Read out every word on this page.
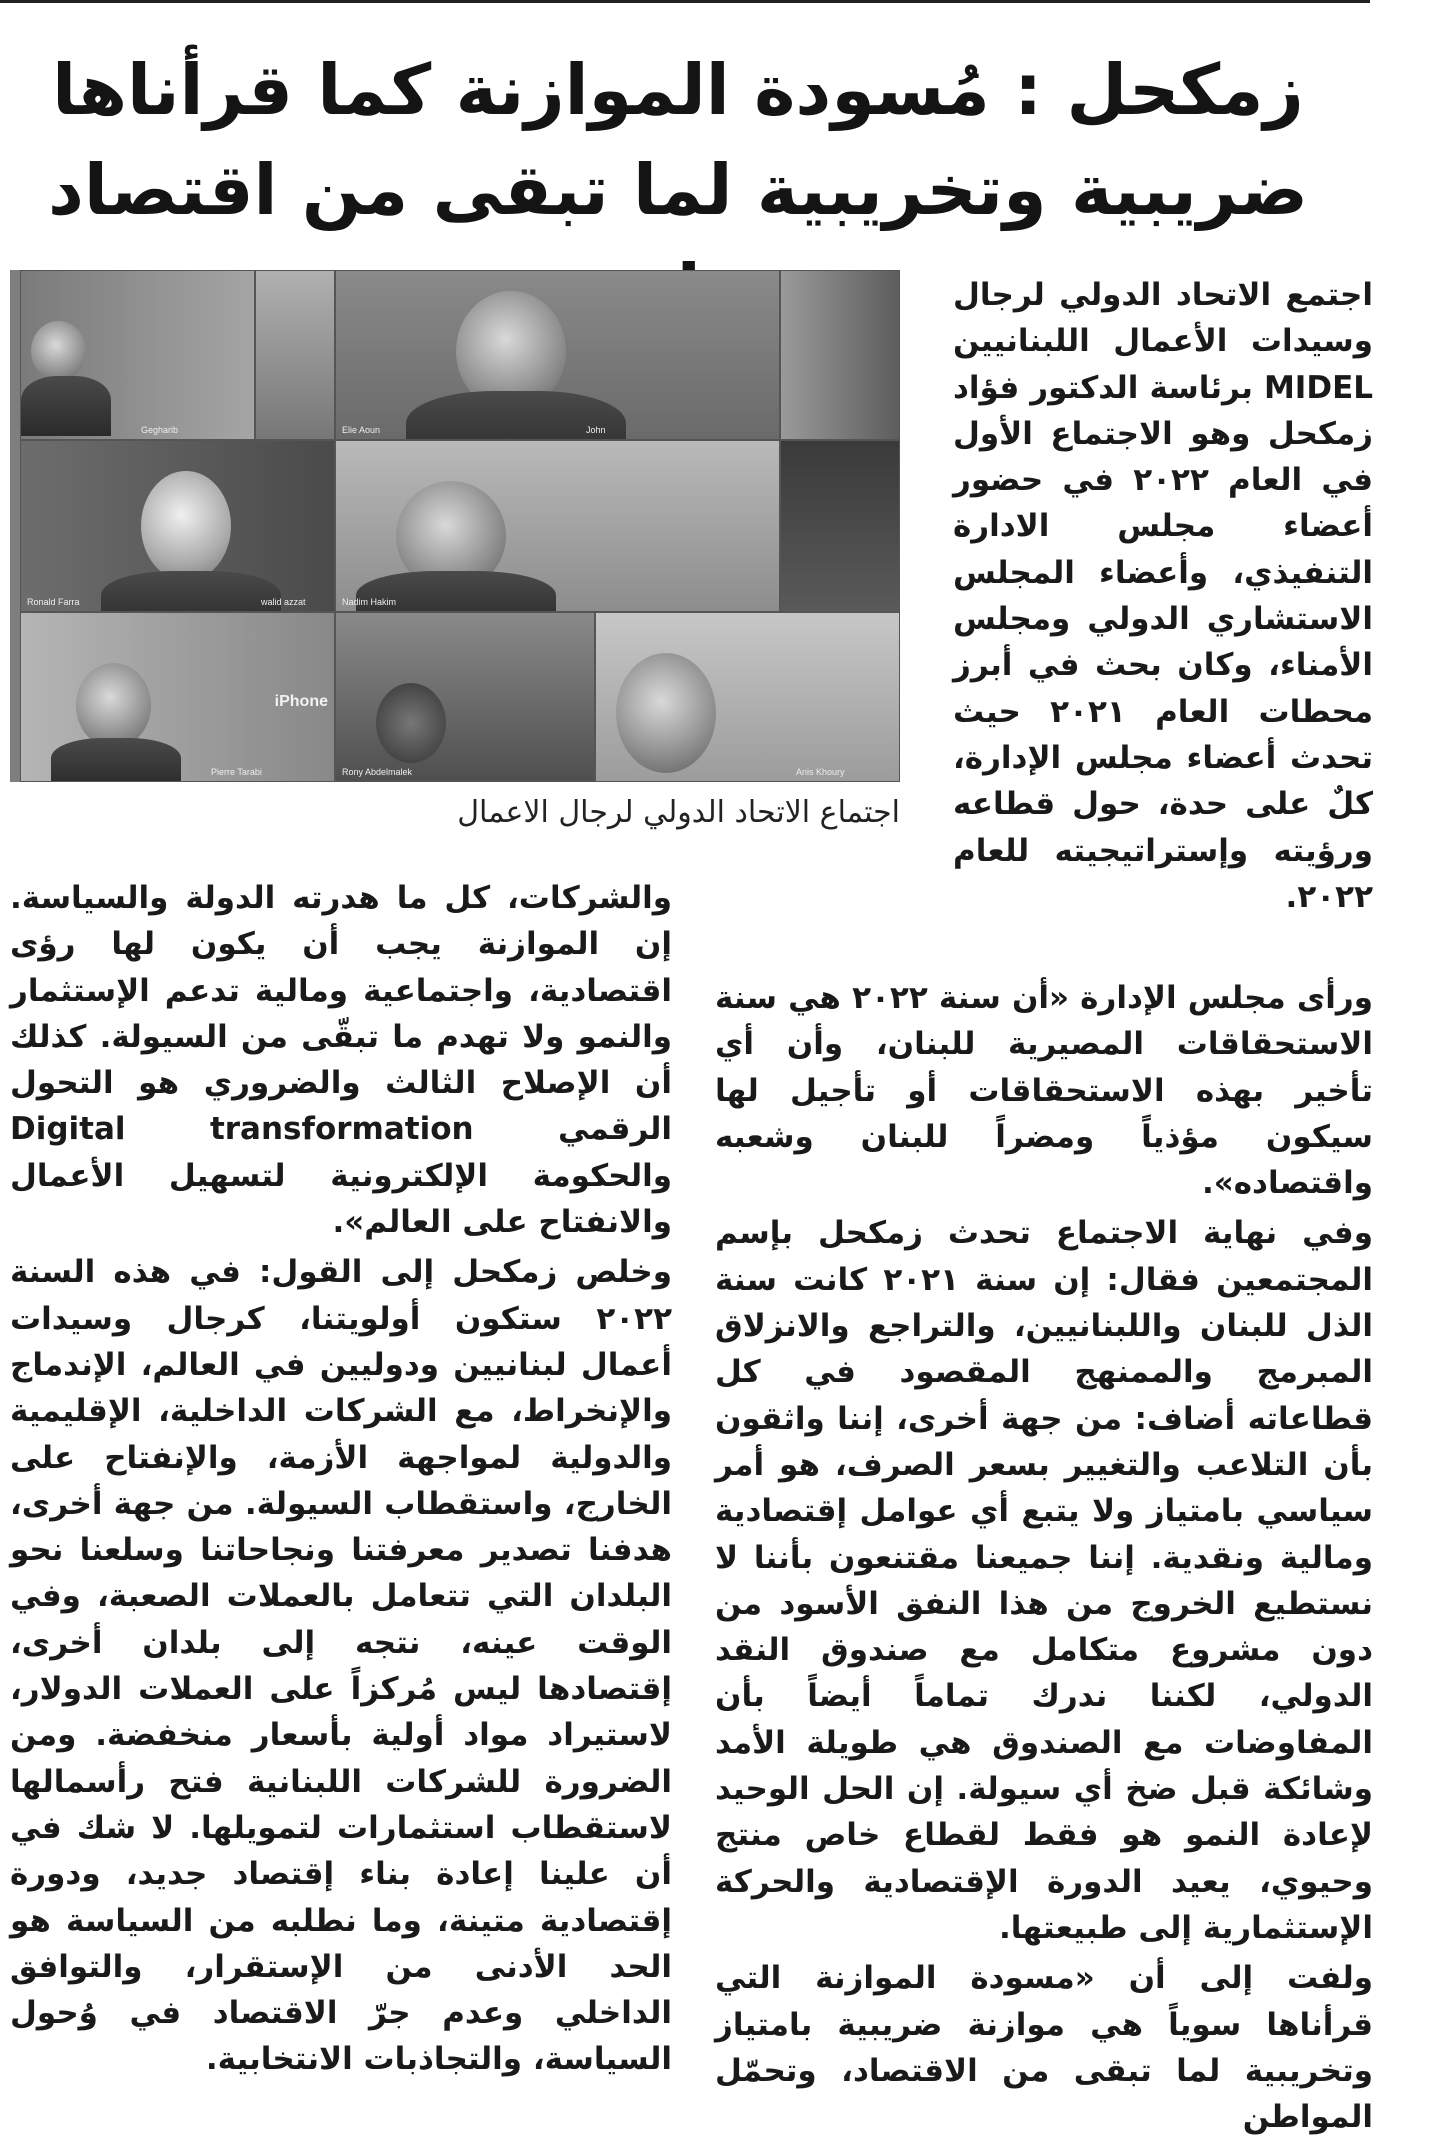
زمكحل : مُسودة الموازنة كما قرأناها
ضريبية وتخريبية لما تبقى من اقتصاد
Elie Aoun	John
Gegharib
Nadim Hakim
Ronald Farra	walid azzat
Anis Khoury
Rony Abdelmalek
iPhone
Pierre Tarabi
اجتماع الاتحاد الدولي لرجال الاعمال

اجتمع الاتحاد الدولي لرجال وسيدات الأعمال اللبنانيين MIDEL برئاسة الدكتور فؤاد زمكحل وهو الاجتماع الأول في العام ٢٠٢٢ في حضور أعضاء مجلس الادارة التنفيذي، وأعضاء المجلس الاستشاري الدولي ومجلس الأمناء، وكان بحث في أبرز محطات العام ٢٠٢١ حيث تحدث أعضاء مجلس الإدارة، كلٌ على حدة، حول قطاعه ورؤيته وإستراتيجيته للعام ٢٠٢٢.

ورأى مجلس الإدارة «أن سنة ٢٠٢٢ هي سنة الاستحقاقات المصيرية للبنان، وأن أي تأخير بهذه الاستحقاقات أو تأجيل لها سيكون مؤذياً ومضراً للبنان وشعبه واقتصاده».

وفي نهاية الاجتماع تحدث زمكحل بإسم المجتمعين فقال: إن سنة ٢٠٢١ كانت سنة الذل للبنان واللبنانيين، والتراجع والانزلاق المبرمج والممنهج المقصود في كل قطاعاته أضاف: من جهة أخرى، إننا واثقون بأن التلاعب والتغيير بسعر الصرف، هو أمر سياسي بامتياز ولا يتبع أي عوامل إقتصادية ومالية ونقدية. إننا جميعنا مقتنعون بأننا لا نستطيع الخروج من هذا النفق الأسود من دون مشروع متكامل مع صندوق النقد الدولي، لكننا ندرك تماماً أيضاً بأن المفاوضات مع الصندوق هي طويلة الأمد وشائكة قبل ضخ أي سيولة. إن الحل الوحيد لإعادة النمو هو فقط لقطاع خاص منتج وحيوي، يعيد الدورة الإقتصادية والحركة الإستثمارية إلى طبيعتها.

ولفت إلى أن «مسودة الموازنة التي قرأناها سوياً هي موازنة ضريبية بامتياز وتخريبية لما تبقى من الاقتصاد، وتحمّل المواطن

والشركات، كل ما هدرته الدولة والسياسة. إن الموازنة يجب أن يكون لها رؤى اقتصادية، واجتماعية ومالية تدعم الإستثمار والنمو ولا تهدم ما تبقّى من السيولة. كذلك أن الإصلاح الثالث والضروري هو التحول الرقمي Digital transformation والحكومة الإلكترونية لتسهيل الأعمال والانفتاح على العالم».

وخلص زمكحل إلى القول: في هذه السنة ٢٠٢٢ ستكون أولويتنا، كرجال وسيدات أعمال لبنانيين ودوليين في العالم، الإندماج والإنخراط، مع الشركات الداخلية، الإقليمية والدولية لمواجهة الأزمة، والإنفتاح على الخارج، واستقطاب السيولة. من جهة أخرى، هدفنا تصدير معرفتنا ونجاحاتنا وسلعنا نحو البلدان التي تتعامل بالعملات الصعبة، وفي الوقت عينه، نتجه إلى بلدان أخرى، إقتصادها ليس مُركزاً على العملات الدولار، لاستيراد مواد أولية بأسعار منخفضة. ومن الضرورة للشركات اللبنانية فتح رأسمالها لاستقطاب استثمارات لتمويلها. لا شك في أن علينا إعادة بناء إقتصاد جديد، ودورة إقتصادية متينة، وما نطلبه من السياسة هو الحد الأدنى من الإستقرار، والتوافق الداخلي وعدم جرّ الاقتصاد في وُحول السياسة، والتجاذبات الانتخابية.
